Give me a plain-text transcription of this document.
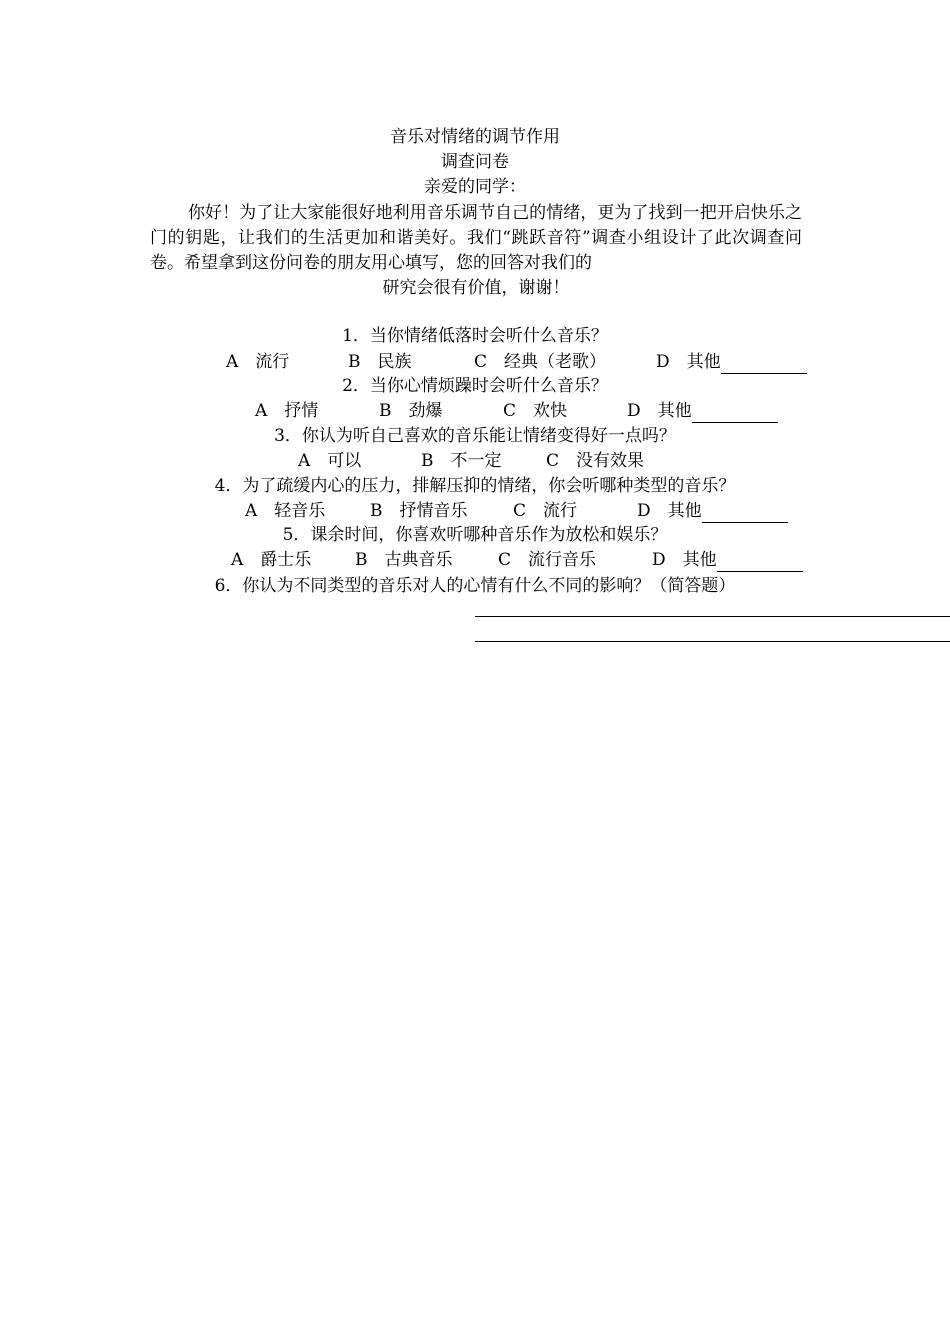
音乐对情绪的调节作用
调查问卷
亲爱的同学：

你好！为了让大家能很好地利用音乐调节自己的情绪，更为了找到一把开启快乐之门的钥匙，让我们的生活更加和谐美好。我们“跳跃音符”调查小组设计了此次调查问卷。希望拿到这份问卷的朋友用心填写，您的回答对我们的

研究会很有价值，谢谢！
1．当你情绪低落时会听什么音乐？

A　流行

	B　民族

	C　经典（老歌）

	D　其他

2．当你心情烦躁时会听什么音乐？

A　抒情

	B　劲爆

	C　欢快

	D　其他

3．你认为听自己喜欢的音乐能让情绪变得好一点吗？

A　可以

	B　不一定

	C　没有效果

4．为了疏缓内心的压力，排解压抑的情绪，你会听哪种类型的音乐？

A　轻音乐

	B　抒情音乐

	C　流行

	D　其他

5．课余时间，你喜欢听哪种音乐作为放松和娱乐？

A　爵士乐

	B　古典音乐

	C　流行音乐

	D　其他

6．你认为不同类型的音乐对人的心情有什么不同的影响？（简答题）
